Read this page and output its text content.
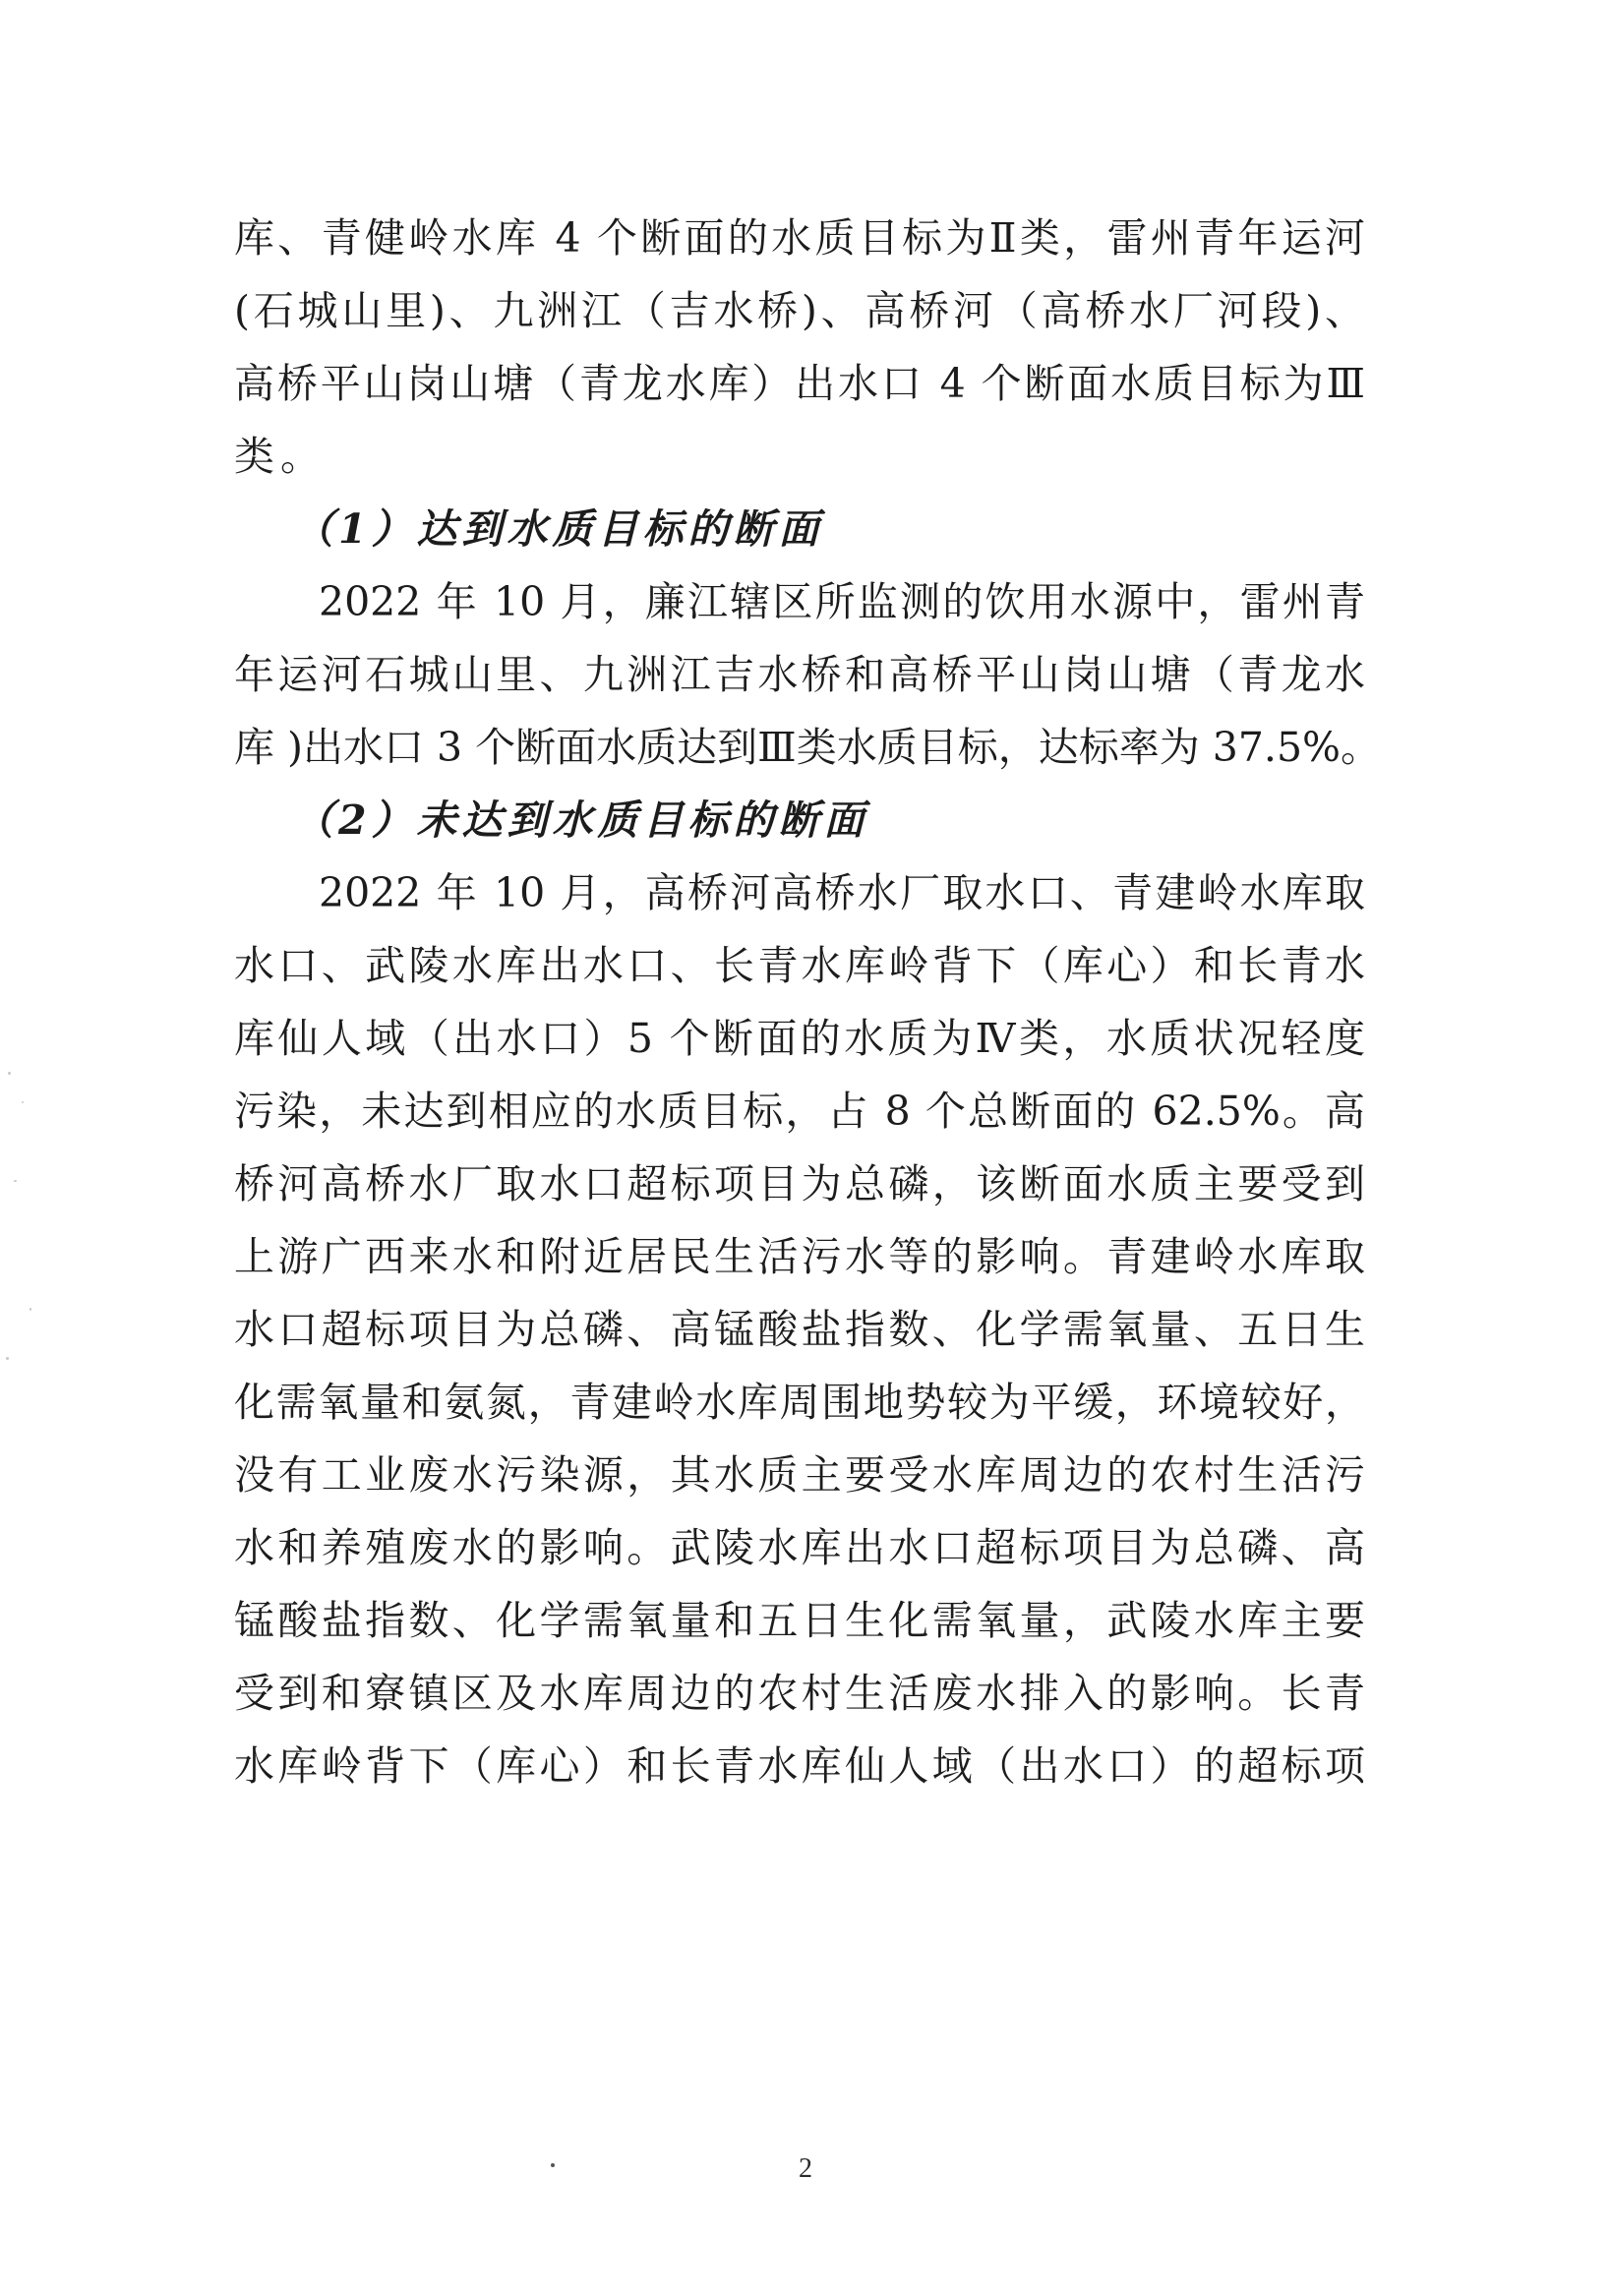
库、青健岭水库 4 个断面的水质目标为Ⅱ类，雷州青年运河
(石城山里)、九洲江（吉水桥)、高桥河（高桥水厂河段)、
高桥平山岗山塘（青龙水库）出水口 4 个断面水质目标为Ⅲ
类。
（1）达到水质目标的断面
2022 年 10 月，廉江辖区所监测的饮用水源中，雷州青
年运河石城山里、九洲江吉水桥和高桥平山岗山塘（青龙水
库 )出水口 3 个断面水质达到Ⅲ类水质目标，达标率为 37.5%。
（2）未达到水质目标的断面
2022 年 10 月，高桥河高桥水厂取水口、青建岭水库取
水口、武陵水库出水口、长青水库岭背下（库心）和长青水
库仙人域（出水口）5 个断面的水质为Ⅳ类，水质状况轻度
污染，未达到相应的水质目标，占 8 个总断面的 62.5%。高
桥河高桥水厂取水口超标项目为总磷，该断面水质主要受到
上游广西来水和附近居民生活污水等的影响。青建岭水库取
水口超标项目为总磷、高锰酸盐指数、化学需氧量、五日生
化需氧量和氨氮，青建岭水库周围地势较为平缓，环境较好，
没有工业废水污染源，其水质主要受水库周边的农村生活污
水和养殖废水的影响。武陵水库出水口超标项目为总磷、高
锰酸盐指数、化学需氧量和五日生化需氧量，武陵水库主要
受到和寮镇区及水库周边的农村生活废水排入的影响。长青
水库岭背下（库心）和长青水库仙人域（出水口）的超标项
2
